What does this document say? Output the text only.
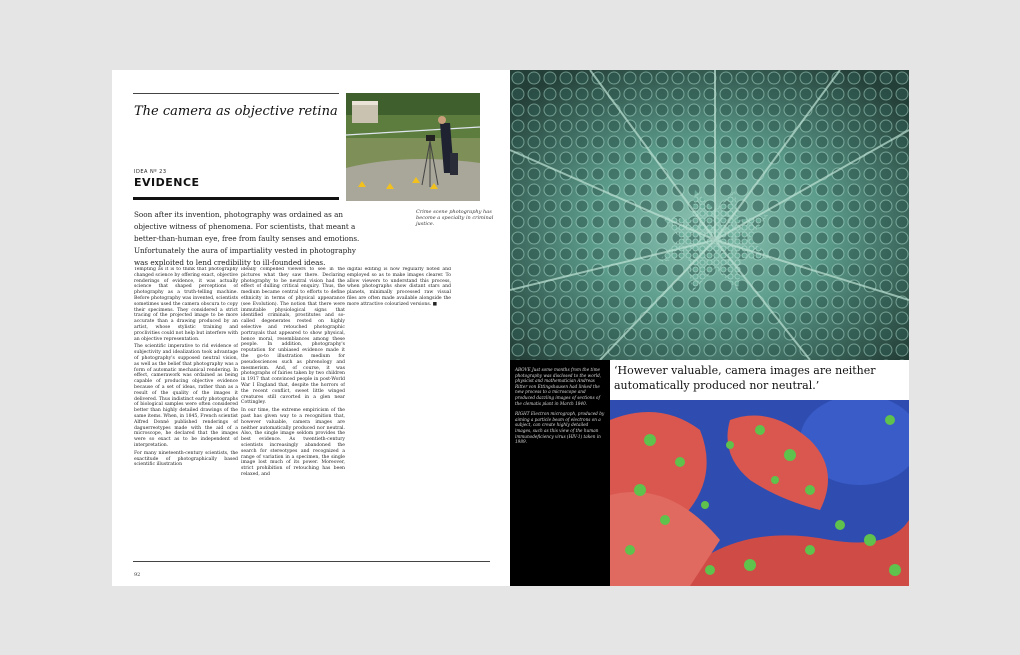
The camera as objective retina
Crime scene photography has become a specialty in criminal justice.
IDEA Nº 23
EVIDENCE
Soon after its invention, photography was ordained as an objective witness of phenomena. For scientists, that meant a better-than-human eye, free from faulty senses and emotions. Unfortunately the aura of impartiality vested in photography was exploited to lend credibility to ill-founded ideas.

Tempting as it is to think that photography changed science by offering exact, objective renderings of evidence, it was actually science that shaped perceptions of photography as a truth-telling machine. Before photography was invented, scientists sometimes used the camera obscura to copy their specimens. They considered a strict tracing of the projected image to be more accurate than a drawing produced by an artist, whose stylistic training and proclivities could not help but interfere with an objective representation.

The scientific imperative to rid evidence of subjectivity and idealization took advantage of photography's supposed neutral vision, as well as the belief that photography was a form of automatic mechanical rendering. In effect, camerawork was ordained as being capable of producing objective evidence because of a set of ideas, rather than as a result of the quality of the images it delivered. Thus indistinct early photographs of biological samples were often considered better than highly detailed drawings of the same items. When, in 1845, French scientist Alfred Donné published renderings of daguerreotypes made with the aid of a microscope, he declared that the images were so exact as to be independent of interpretation.

For many nineteenth-century scientists, the exactitude of photographically based scientific illustration

ideally compelled viewers to see in the pictures what they saw there. Declaring photography to be neutral vision had the effect of dulling critical enquiry. Thus, the medium became central to efforts to define ethnicity in terms of physical appearance (see Evolution). The notion that there were immutable physiological signs that identified criminals, prostitutes and so-called degenerates rested on highly selective and retouched photographic portrayals that appeared to show physical, hence moral, resemblances among these people. In addition, photography's reputation for unbiased evidence made it the go-to illustration medium for pseudosciences such as phrenology and mesmerism. And, of course, it was photographs of fairies taken by two children in 1917 that convinced people in post-World War I England that, despite the horrors of the recent conflict, sweet little winged creatures still cavorted in a glen near Cottingley.

In our time, the extreme empiricism of the past has given way to a recognition that, however valuable, camera images are neither automatically produced nor neutral. Also, the single image seldom provides the best evidence. As twentieth-century scientists increasingly abandoned the search for stereotypes and recognized a range of variation in a specimen, the single image lost much of its power. Moreover, strict prohibition of retouching has been relaxed, and

digital editing is now regularly noted and employed so as to make images clearer. To allow viewers to understand this process, when photographs show distant stars and planets, minimally processed raw visual files are often made available alongside the more attractive colourized versions. ■

92
‘However valuable, camera images are neither automatically produced nor neutral.’
ABOVE Just some months from the time photography was disclosed to the world, physicist and mathematician Andreas Ritter von Ettingshausen had linked the new process to a microscope and produced dazzling images of sections of the clematis plant in March 1840.
RIGHT Electron micrograph, produced by aiming a particle beam of electrons on a subject, can create highly detailed images, such as this view of the human immunodeficiency virus (HIV-1) taken in 1989.
